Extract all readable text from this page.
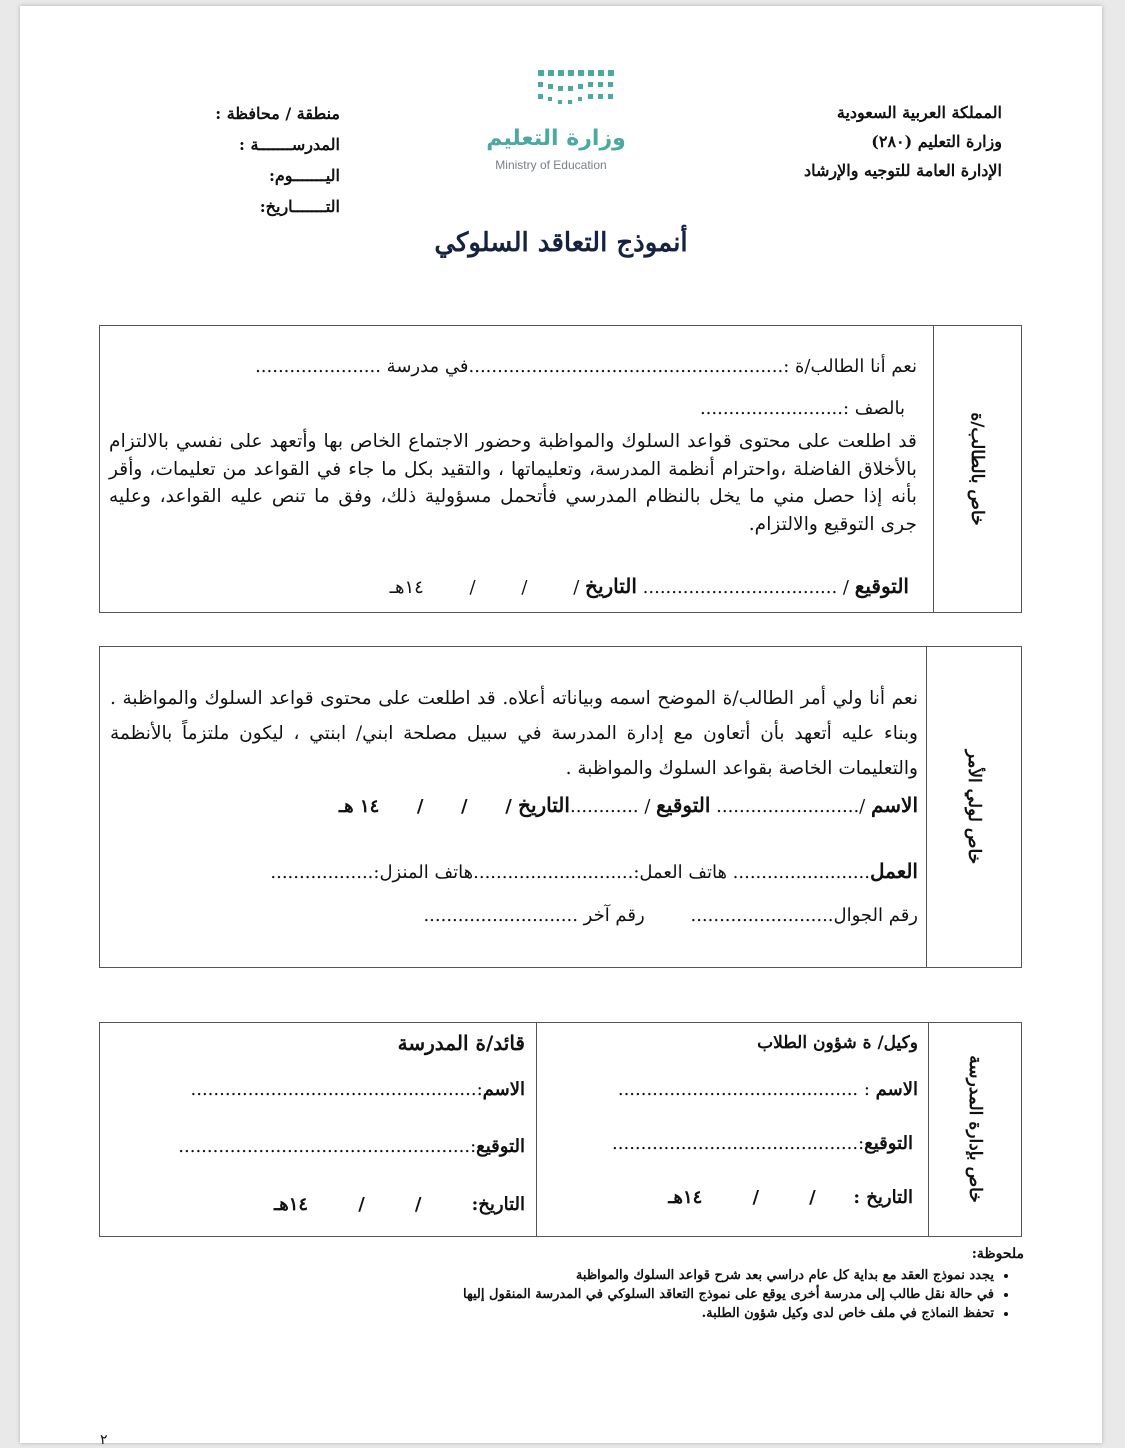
المملكة العربية السعودية
وزارة التعليم (٢٨٠)
الإدارة العامة للتوجيه والإرشاد
وزارة التعليم
Ministry of Education
منطقة / محافظة :
المدرســـــــة :
اليـــــــوم:
التـــــــاريخ:
أنموذج التعاقد السلوكي
خاص بالطالب/ة
نعم أنا الطالب/ة :.......................................................في مدرسة ......................
بالصف :.........................
قد اطلعت على محتوى قواعد السلوك والمواظبة وحضور الاجتماع الخاص بها وأتعهد على نفسي بالالتزام بالأخلاق الفاضلة ،واحترام أنظمة المدرسة، وتعليماتها ، والتقيد بكل ما جاء في القواعد من تعليمات، وأقر بأنه إذا حصل مني ما يخل بالنظام المدرسي فأتحمل مسؤولية ذلك، وفق ما تنص عليه القواعد، وعليه جرى التوقيع والالتزام.
التوقيع / .................................. التاريخ /        /        /        ١٤هـ
خاص لولي الأمر
نعم أنا ولي أمر الطالب/ة الموضح اسمه وبياناته أعلاه. قد اطلعت على محتوى قواعد السلوك والمواظبة . وبناء عليه أتعهد بأن أتعاون مع إدارة المدرسة في سبيل مصلحة ابني/ ابنتي ، ليكون ملتزماً بالأنظمة والتعليمات الخاصة بقواعد السلوك والمواظبة .
الاسم /......................... التوقيع / ............التاريخ /      /      /      ١٤ هـ
العمل........................ هاتف العمل:............................هاتف المنزل:..................
رقم الجوال.........................        رقم آخر ...........................
خاص بإدارة المدرسة
وكيل/ ة شؤون الطلاب
الاسم : ..........................................
التوقيع:...........................................
التاريخ :      /        /        ١٤هـ
قائد/ة المدرسة
الاسم:..................................................
التوقيع:...................................................
التاريخ:        /        /        ١٤هـ
ملحوظة:
• يجدد نموذج العقد مع بداية كل عام دراسي بعد شرح قواعد السلوك والمواظبة
• في حالة نقل طالب إلى مدرسة أخرى يوقع على نموذج التعاقد السلوكي في المدرسة المنقول إليها
• تحفظ النماذج في ملف خاص لدى وكيل شؤون الطلبة.
٢
